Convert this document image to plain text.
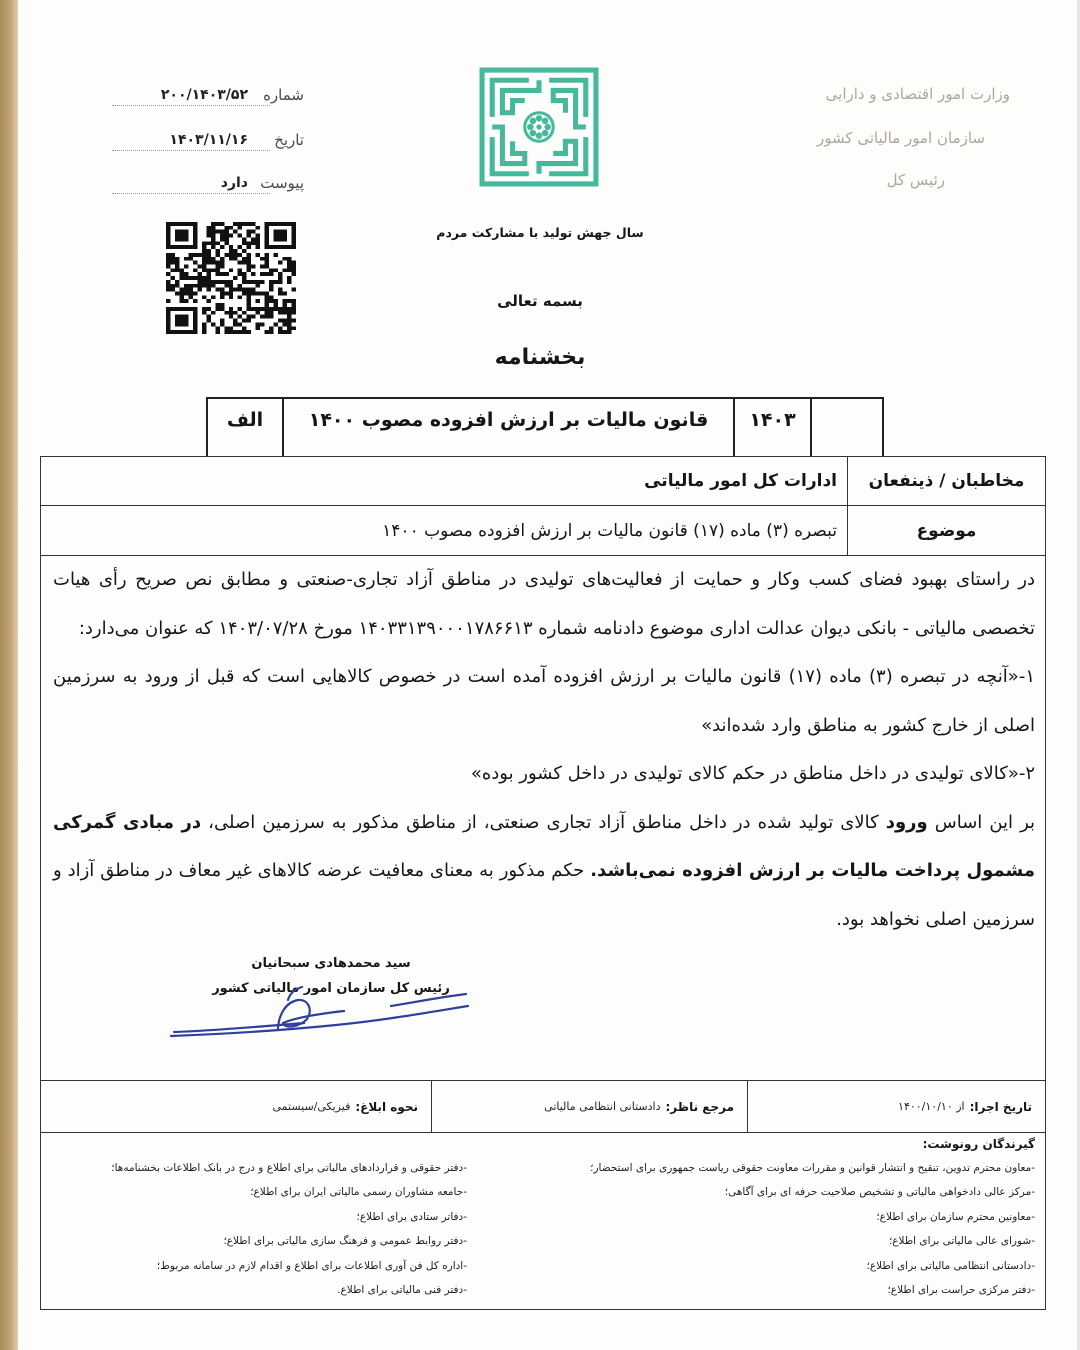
وزارت امور اقتصادی و دارایی
سازمان امور مالیاتی کشور
رئیس کل
شماره
۲۰۰/۱۴۰۳/۵۲
تاریخ
۱۴۰۳/۱۱/۱۶
پیوست
دارد
سال جهش تولید با مشارکت مردم
بسمه تعالی
بخشنامه
۱۴۰۳
قانون مالیات بر ارزش افزوده مصوب ۱۴۰۰
الف
مخاطبان / ذینفعان
ادارات کل امور مالیاتی
موضوع
تبصره (۳) ماده (۱۷) قانون مالیات بر ارزش افزوده مصوب ۱۴۰۰

در راستای بهبود فضای کسب وکار و حمایت از فعالیت‌های تولیدی در مناطق آزاد تجاری-صنعتی و مطابق نص صریح رأی هیات تخصصی مالیاتی - بانکی دیوان عدالت اداری موضوع دادنامه شماره ۱۴۰۳۳۱۳۹۰۰۰۱۷۸۶۶۱۳ مورخ ۱۴۰۳/۰۷/۲۸ که عنوان می‌دارد:

۱-«آنچه در تبصره (۳) ماده (۱۷) قانون مالیات بر ارزش افزوده آمده است در خصوص کالاهایی است که قبل از ورود به سرزمین اصلی از خارج کشور به مناطق وارد شده‌اند»

۲-«کالای تولیدی در داخل مناطق در حکم کالای تولیدی در داخل کشور بوده»

بر این اساس ورود کالای تولید شده در داخل مناطق آزاد تجاری صنعتی، از مناطق مذکور به سرزمین اصلی، در مبادی گمرکی مشمول پرداخت مالیات بر ارزش افزوده نمی‌باشد. حکم مذکور به معنای معافیت عرضه کالاهای غیر معاف در مناطق آزاد و سرزمین اصلی نخواهد بود.

سید محمدهادی سبحانیان
رئیس کل سازمان امور مالیاتی کشور
تاریخ اجرا:
از ۱۴۰۰/۱۰/۱۰
مرجع ناظر:
دادستانی انتظامی مالیاتی
نحوه ابلاغ:
فیزیکی/سیستمی
گیرندگان رونوشت:
-معاون محترم تدوین، تنقیح و انتشار قوانین و مقررات معاونت حقوقی ریاست جمهوری برای استحضار؛
-مرکز عالی دادخواهی مالیاتی و تشخیص صلاحیت حرفه ای برای آگاهی؛
-معاونین محترم سازمان برای اطلاع؛
-شورای عالی مالیاتی برای اطلاع؛
-دادستانی انتظامی مالیاتی برای اطلاع؛
-دفتر مرکزی حراست برای اطلاع؛
-دفتر حقوقی و قراردادهای مالیاتی برای اطلاع و درج در بانک اطلاعات بخشنامه‌ها؛
-جامعه مشاوران رسمی مالیاتی ایران برای اطلاع؛
-دفاتر ستادی برای اطلاع؛
-دفتر روابط عمومی و فرهنگ سازی مالیاتی برای اطلاع؛
-اداره کل فن آوری اطلاعات برای اطلاع و اقدام لازم در سامانه مربوط؛
-دفتر فنی مالیاتی برای اطلاع.
